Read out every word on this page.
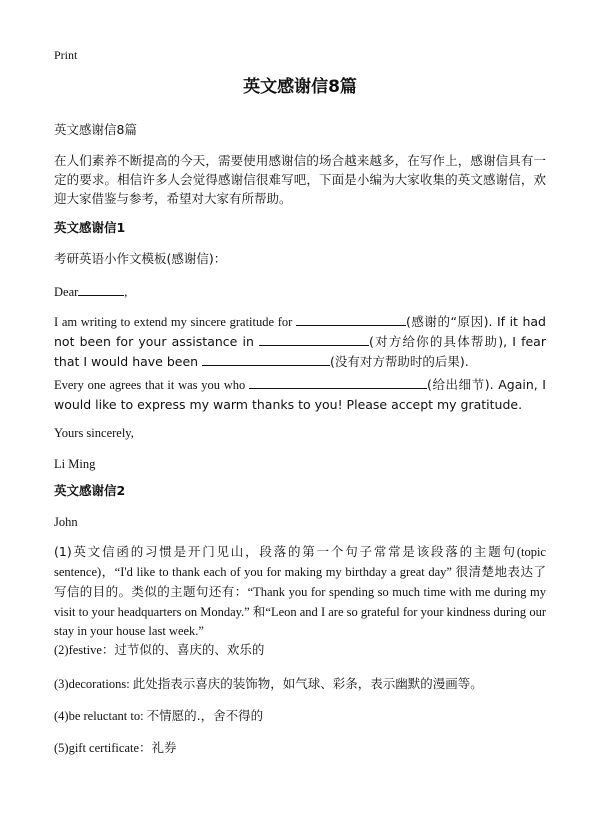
Print
英文感谢信8篇
英文感谢信8篇
在人们素养不断提高的今天，需要使用感谢信的场合越来越多，在写作上，感谢信具有一定的要求。相信许多人会觉得感谢信很难写吧，下面是小编为大家收集的英文感谢信，欢迎大家借鉴与参考，希望对大家有所帮助。
英文感谢信1
考研英语小作文模板(感谢信)：
Dear	,
I am writing to extend my sincere gratitude for	(感谢的“原因). If it had not been for your assistance in	(对方给你的具体帮助), I fear that I would have been	(没有对方帮助时的后果).
Every one agrees that it was you who	(给出细节). Again, I would like to express my warm thanks to you! Please accept my gratitude.
Yours sincerely,
Li Ming
英文感谢信2
John
(1)英文信函的习惯是开门见山，段落的第一个句子常常是该段落的主题句(topic sentence)，“I'd like to thank each of you for making my birthday a great day” 很清楚地表达了写信的目的。类似的主题句还有：“Thank you for spending so much time with me during my visit to your headquarters on Monday.” 和“Leon and I are so grateful for your kindness during our stay in your house last week.”
(2)festive：过节似的、喜庆的、欢乐的
(3)decorations: 此处指表示喜庆的装饰物，如气球、彩条，表示幽默的漫画等。
(4)be reluctant to: 不情愿的.，舍不得的
(5)gift certificate：礼券
